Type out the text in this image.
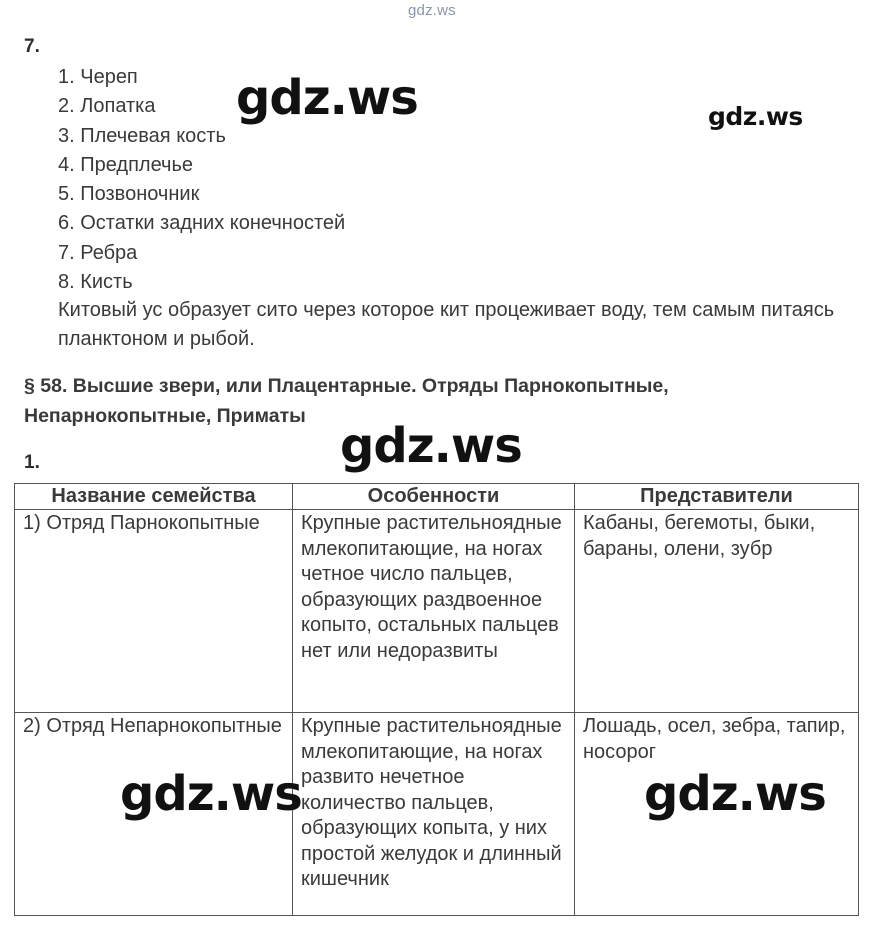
gdz.ws
7.
1. Череп
2. Лопатка
3. Плечевая кость
4. Предплечье
5. Позвоночник
6. Остатки задних конечностей
7. Ребра
8. Кисть
Китовый ус образует сито через которое кит процеживает воду, тем самым питаясь планктоном и рыбой.
§ 58. Высшие звери, или Плацентарные. Отряды Парнокопытные, Непарнокопытные, Приматы
1.
Название семейства	Особенности	Представители
1) Отряд Парнокопытные	Крупные растительноядные млекопитающие, на ногах четное число пальцев, образующих раздвоенное копыто, остальных пальцев нет или недоразвиты	Кабаны, бегемоты, быки, бараны, олени, зубр
2) Отряд Непарнокопытные	Крупные растительноядные млекопитающие, на ногах развито нечетное количество пальцев, образующих копыта, у них простой желудок и длинный кишечник	Лошадь, осел, зебра, тапир, носорог
gdz.ws	gdz.ws
gdz.ws
gdz.ws	gdz.ws
